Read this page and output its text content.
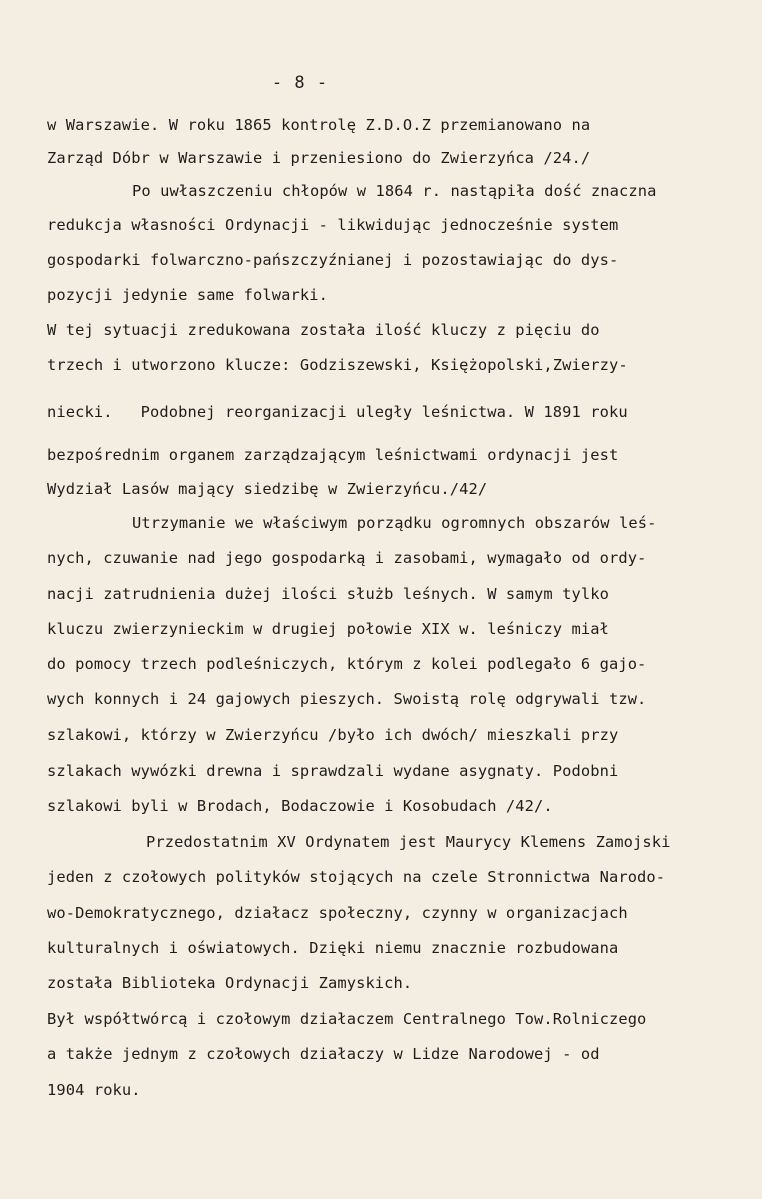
- 8 -
w Warszawie. W roku 1865 kontrolę Z.D.O.Z przemianowano na
Zarząd Dóbr w Warszawie i przeniesiono do Zwierzyńca /24./
Po uwłaszczeniu chłopów w 1864 r. nastąpiła dość znaczna
redukcja własności Ordynacji - likwidując jednocześnie system
gospodarki folwarczno-pańszczyźnianej i pozostawiając do dys-
pozycji jedynie same folwarki.
W tej sytuacji zredukowana została ilość kluczy z pięciu do
trzech i utworzono klucze: Godziszewski, Księżopolski,Zwierzy-
niecki.   Podobnej reorganizacji uległy leśnictwa. W 1891 roku
bezpośrednim organem zarządzającym leśnictwami ordynacji jest
Wydział Lasów mający siedzibę w Zwierzyńcu./42/
Utrzymanie we właściwym porządku ogromnych obszarów leś-
nych, czuwanie nad jego gospodarką i zasobami, wymagało od ordy-
nacji zatrudnienia dużej ilości służb leśnych. W samym tylko
kluczu zwierzynieckim w drugiej połowie XIX w. leśniczy miał
do pomocy trzech podleśniczych, którym z kolei podlegało 6 gajo-
wych konnych i 24 gajowych pieszych. Swoistą rolę odgrywali tzw.
szlakowi, którzy w Zwierzyńcu /było ich dwóch/ mieszkali przy
szlakach wywózki drewna i sprawdzali wydane asygnaty. Podobni
szlakowi byli w Brodach, Bodaczowie i Kosobudach /42/.
Przedostatnim XV Ordynatem jest Maurycy Klemens Zamojski
jeden z czołowych polityków stojących na czele Stronnictwa Narodo-
wo-Demokratycznego, działacz społeczny, czynny w organizacjach
kulturalnych i oświatowych. Dzięki niemu znacznie rozbudowana
została Biblioteka Ordynacji Zamyskich.
Był współtwórcą i czołowym działaczem Centralnego Tow.Rolniczego
a także jednym z czołowych działaczy w Lidze Narodowej - od
1904 roku.
